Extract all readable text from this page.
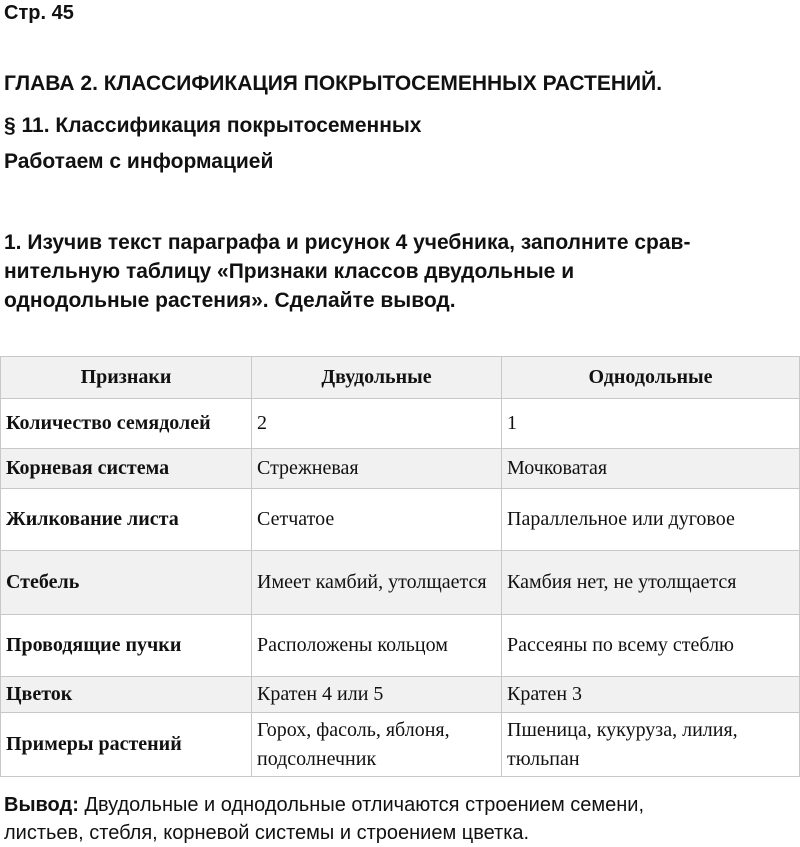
Стр. 45
ГЛАВА 2. КЛАССИФИКАЦИЯ ПОКРЫТОСЕМЕННЫХ РАСТЕНИЙ.
§ 11. Классификация покрытосеменных
Работаем с информацией
1. Изучив текст параграфа и рисунок 4 учебника, заполните срав-
нительную таблицу «Признаки классов двудольные и
однодольные растения». Сделайте вывод.
Признаки	Двудольные	Однодольные
Количество семядолей	2	1
Корневая система	Стрежневая	Мочковатая
Жилкование листа	Сетчатое	Параллельное или дуговое
Стебель	Имеет камбий, утолщается	Камбия нет, не утолщается
Проводящие пучки	Расположены кольцом	Рассеяны по всему стеблю
Цветок	Кратен 4 или 5	Кратен 3
Примеры растений	Горох, фасоль, яблоня, подсолнечник	Пшеница, кукуруза, лилия, тюльпан
Вывод: Двудольные и однодольные отличаются строением семени,
листьев, стебля, корневой системы и строением цветка.
